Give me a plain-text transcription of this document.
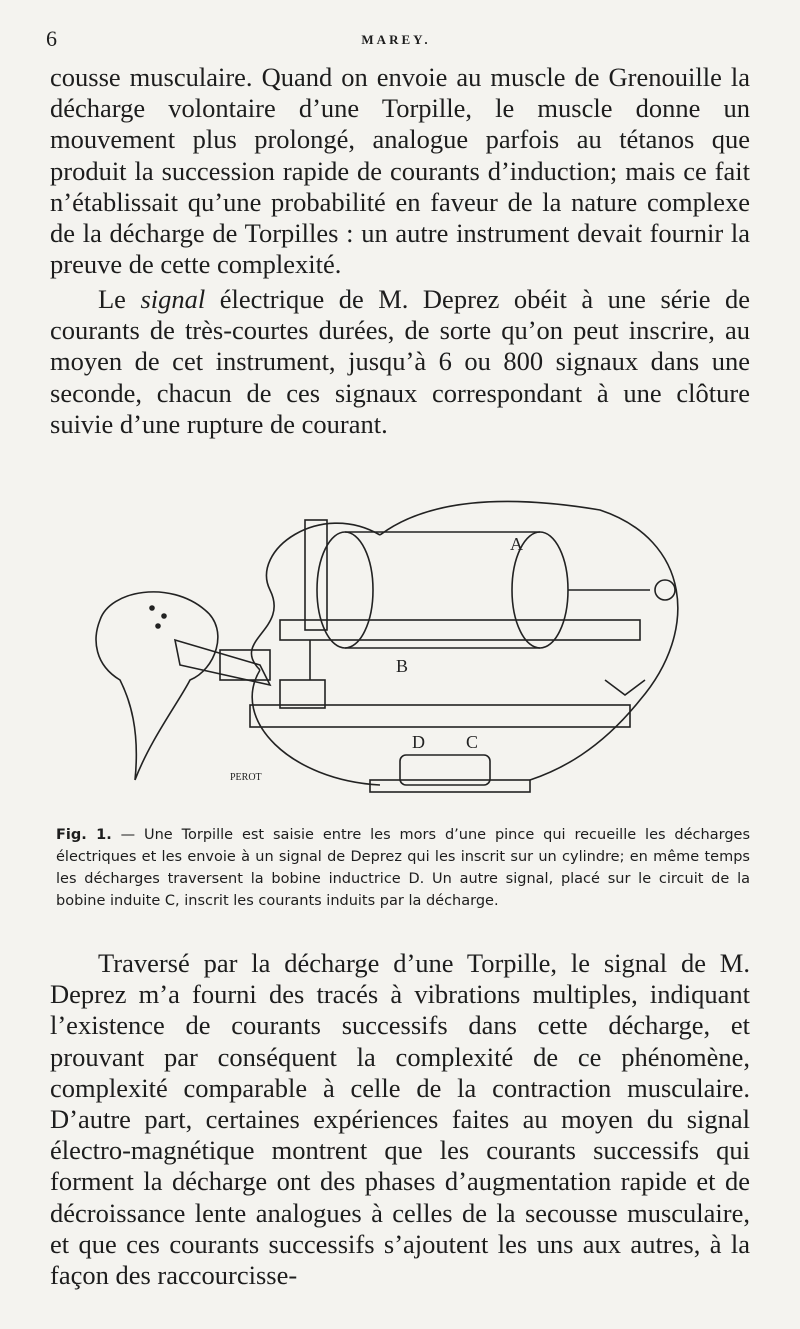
6	MAREY.

cousse musculaire. Quand on envoie au muscle de Grenouille la décharge volontaire d’une Torpille, le muscle donne un mouvement plus prolongé, analogue parfois au tétanos que produit la succession rapide de courants d’induction; mais ce fait n’établissait qu’une probabilité en faveur de la nature complexe de la décharge de Torpilles : un autre instrument devait fournir la preuve de cette complexité.

Le signal électrique de M. Deprez obéit à une série de courants de très-courtes durées, de sorte qu’on peut inscrire, au moyen de cet instrument, jusqu’à 6 ou 800 signaux dans une seconde, chacun de ces signaux correspondant à une clôture suivie d’une rupture de courant.

A
B
C
D
PEROT
Fig. 1. — Une Torpille est saisie entre les mors d’une pince qui recueille les décharges électriques et les envoie à un signal de Deprez qui les inscrit sur un cylindre; en même temps les décharges traversent la bobine inductrice D. Un autre signal, placé sur le circuit de la bobine induite C, inscrit les courants induits par la décharge.

Traversé par la décharge d’une Torpille, le signal de M. Deprez m’a fourni des tracés à vibrations multiples, indiquant l’existence de courants successifs dans cette décharge, et prouvant par conséquent la complexité de ce phénomène, complexité comparable à celle de la contraction musculaire. D’autre part, certaines expériences faites au moyen du signal électro-magnétique montrent que les courants successifs qui forment la décharge ont des phases d’augmentation rapide et de décroissance lente analogues à celles de la secousse musculaire, et que ces courants successifs s’ajoutent les uns aux autres, à la façon des raccourcisse-
